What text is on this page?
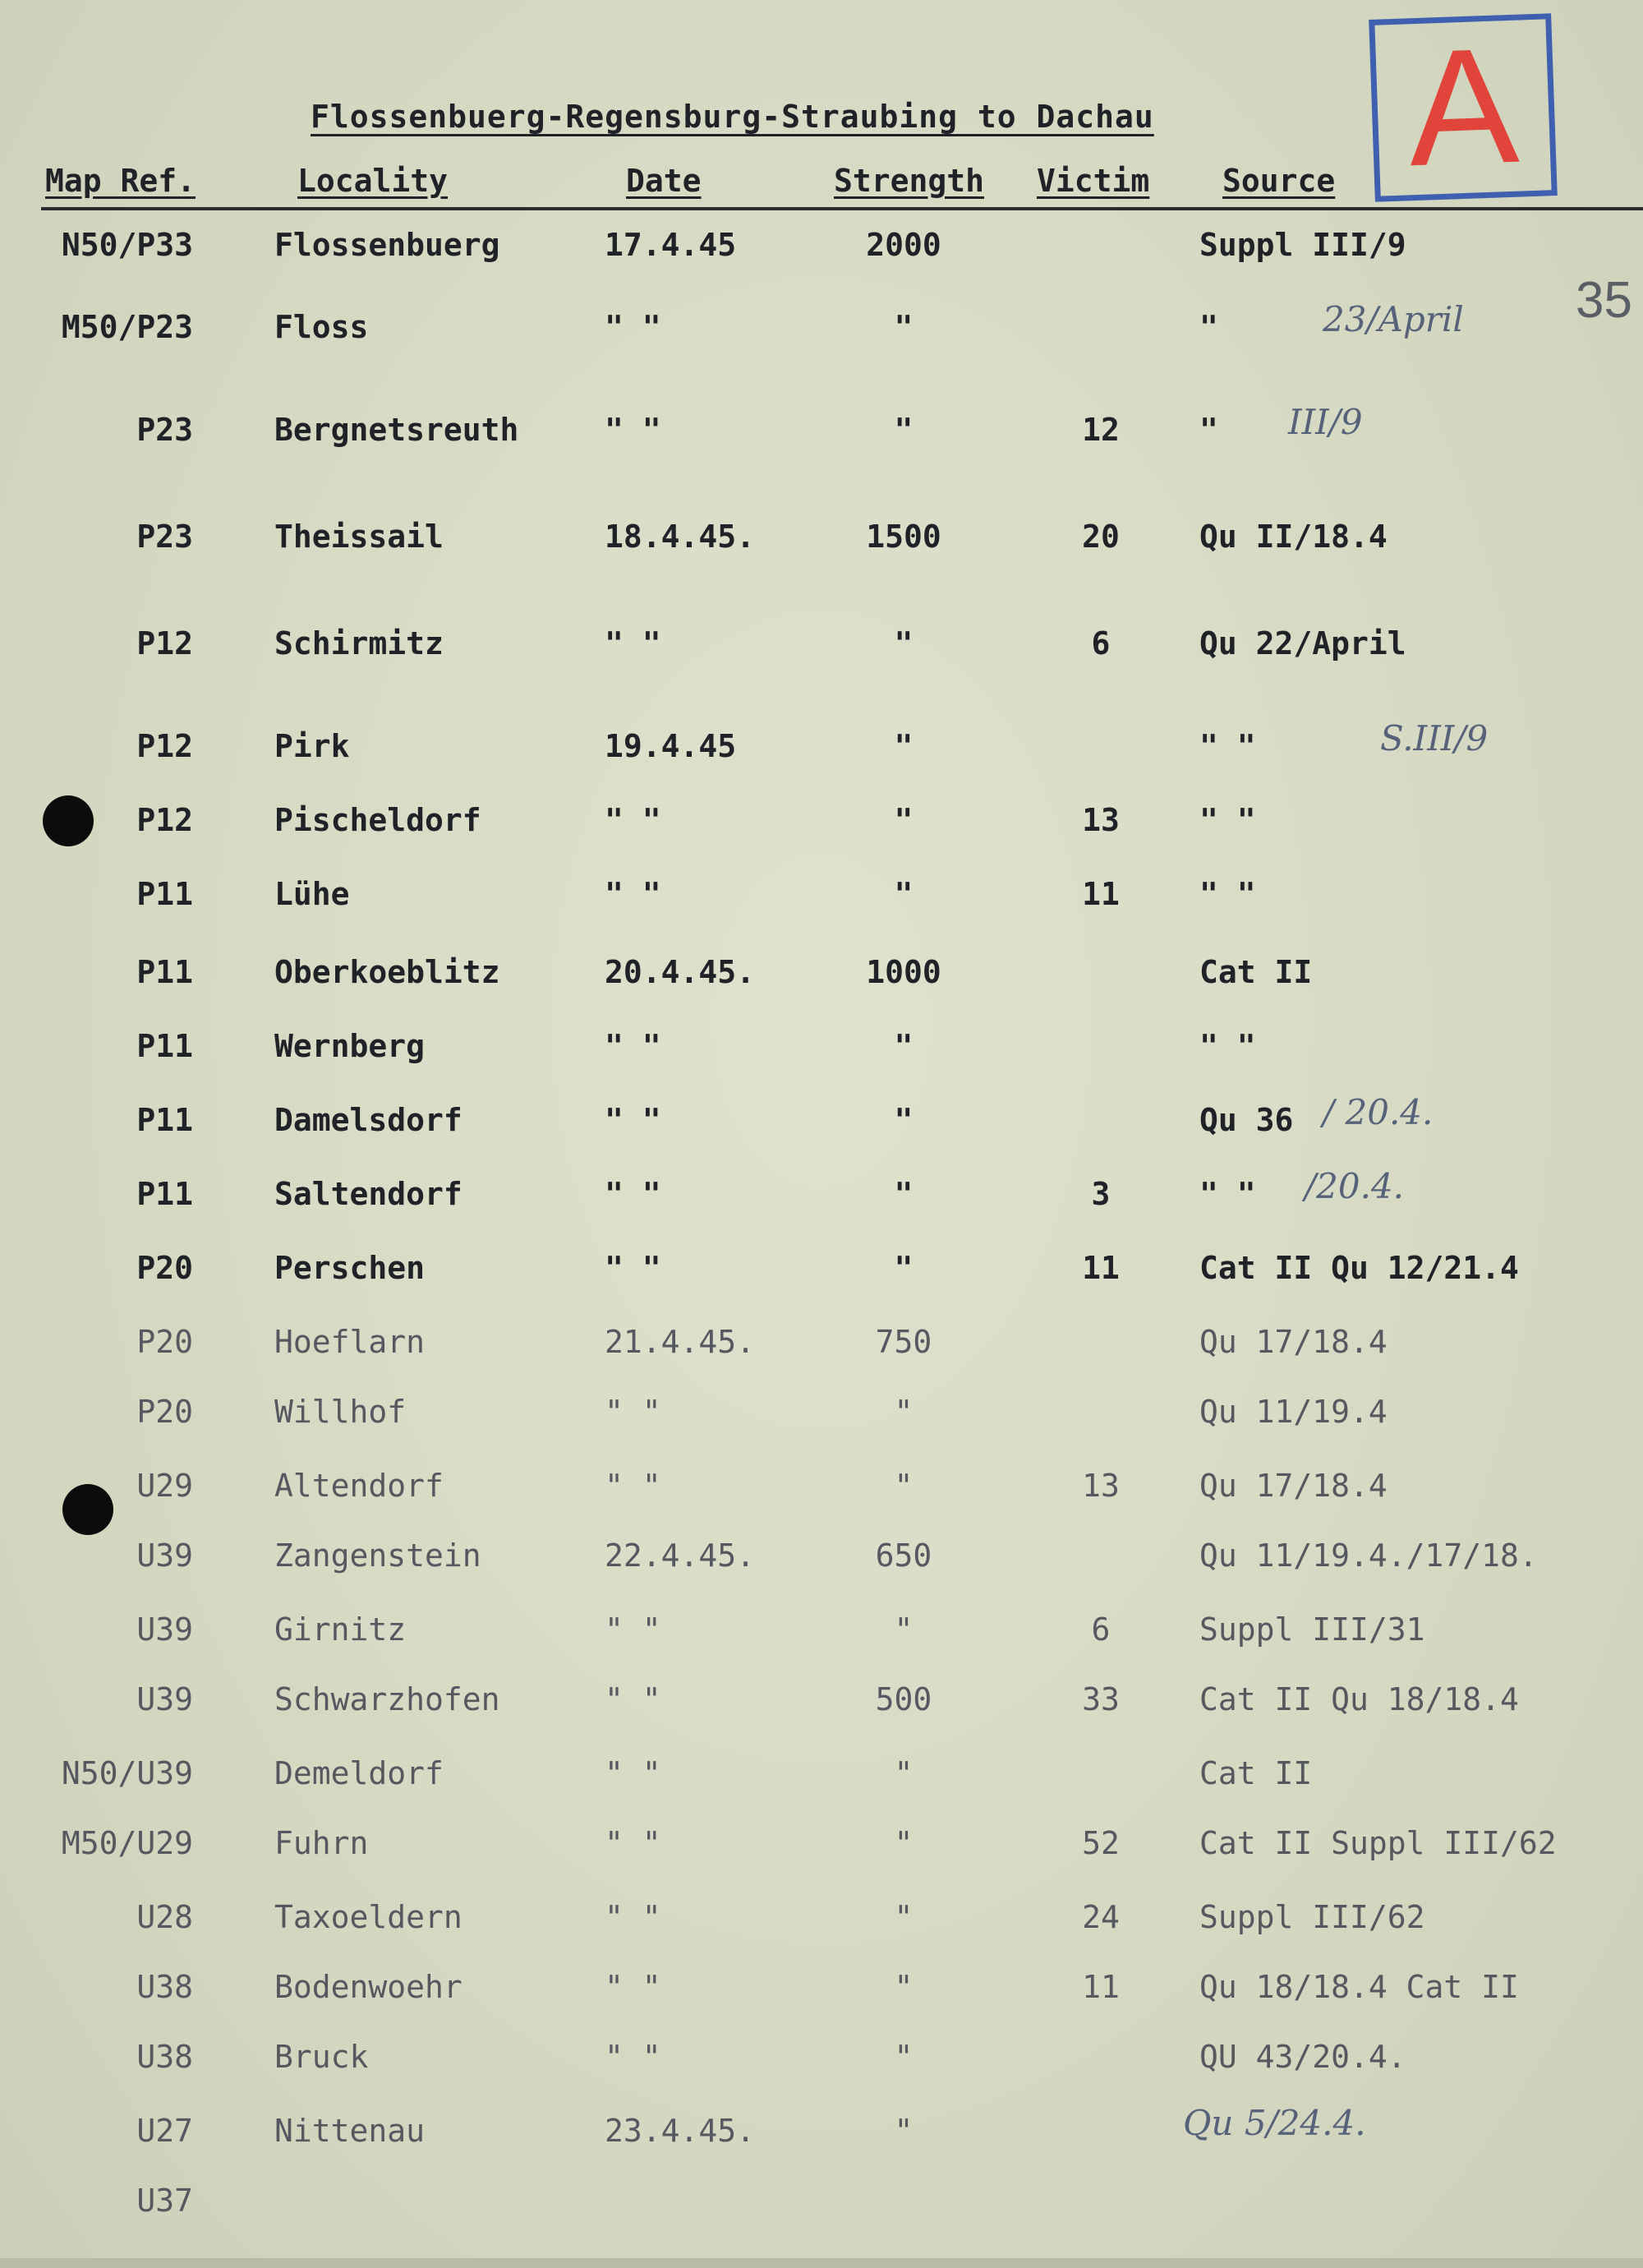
A
Flossenbuerg-Regensburg-Straubing to Dachau
35
Map Ref.	Locality	Date	Strength Victim Source
N50/P33	Flossenbuerg	17.4.45	2000	Suppl III/9
M50/P23	Floss	" "	"	"	23/April
P23	Bergnetsreuth	" "	"	12	" III/9
P23	Theissail	18.4.45.	1500	20	Qu II/18.4
P12	Schirmitz	" "	"	6	Qu 22/April
P12	Pirk	19.4.45	"	" "	S.III/9
P12	Pischeldorf	" "	"	13	" "
P11	Lühe	" "	"	11	" "
P11	Oberkoeblitz	20.4.45.	1000	Cat II
P11	Wernberg	" "	"	" "
P11	Damelsdorf	" "	"	Qu 36 / 20.4.
P11	Saltendorf	" "	"	3	" " /20.4.
P20	Perschen	" "	"	11	Cat II Qu 12/21.4
P20	Hoeflarn	21.4.45.	750	Qu 17/18.4
P20	Willhof	" "	"	Qu 11/19.4
U29	Altendorf	" "	"	13	Qu 17/18.4
U39	Zangenstein	22.4.45.	650	Qu 11/19.4./17/18.
U39	Girnitz	" "	"	6	Suppl III/31
U39	Schwarzhofen	" "	500	33	Cat II Qu 18/18.4
N50/U39	Demeldorf	" "	"	Cat II
M50/U29	Fuhrn	" "	"	52	Cat II Suppl III/62
U28	Taxoeldern	" "	"	24	Suppl III/62
U38	Bodenwoehr	" "	"	11	Qu 18/18.4 Cat II
U38	Bruck	" "	"	QU 43/20.4.
U27	Nittenau	23.4.45.	"	Qu 5/24.4.
U37
